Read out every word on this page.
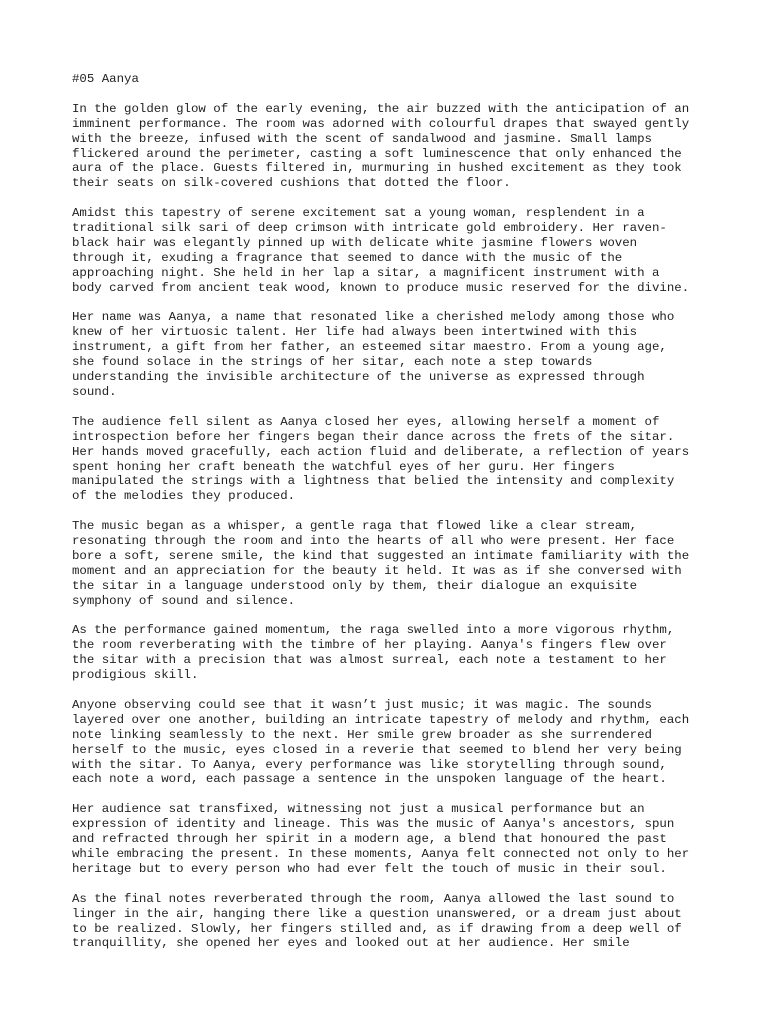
#05 Aanya
In the golden glow of the early evening, the air buzzed with the anticipation of an
imminent performance. The room was adorned with colourful drapes that swayed gently
with the breeze, infused with the scent of sandalwood and jasmine. Small lamps
flickered around the perimeter, casting a soft luminescence that only enhanced the
aura of the place. Guests filtered in, murmuring in hushed excitement as they took
their seats on silk-covered cushions that dotted the floor.
Amidst this tapestry of serene excitement sat a young woman, resplendent in a
traditional silk sari of deep crimson with intricate gold embroidery. Her raven-
black hair was elegantly pinned up with delicate white jasmine flowers woven
through it, exuding a fragrance that seemed to dance with the music of the
approaching night. She held in her lap a sitar, a magnificent instrument with a
body carved from ancient teak wood, known to produce music reserved for the divine.
Her name was Aanya, a name that resonated like a cherished melody among those who
knew of her virtuosic talent. Her life had always been intertwined with this
instrument, a gift from her father, an esteemed sitar maestro. From a young age,
she found solace in the strings of her sitar, each note a step towards
understanding the invisible architecture of the universe as expressed through
sound.
The audience fell silent as Aanya closed her eyes, allowing herself a moment of
introspection before her fingers began their dance across the frets of the sitar.
Her hands moved gracefully, each action fluid and deliberate, a reflection of years
spent honing her craft beneath the watchful eyes of her guru. Her fingers
manipulated the strings with a lightness that belied the intensity and complexity
of the melodies they produced.
The music began as a whisper, a gentle raga that flowed like a clear stream,
resonating through the room and into the hearts of all who were present. Her face
bore a soft, serene smile, the kind that suggested an intimate familiarity with the
moment and an appreciation for the beauty it held. It was as if she conversed with
the sitar in a language understood only by them, their dialogue an exquisite
symphony of sound and silence.
As the performance gained momentum, the raga swelled into a more vigorous rhythm,
the room reverberating with the timbre of her playing. Aanya's fingers flew over
the sitar with a precision that was almost surreal, each note a testament to her
prodigious skill.
Anyone observing could see that it wasn’t just music; it was magic. The sounds
layered over one another, building an intricate tapestry of melody and rhythm, each
note linking seamlessly to the next. Her smile grew broader as she surrendered
herself to the music, eyes closed in a reverie that seemed to blend her very being
with the sitar. To Aanya, every performance was like storytelling through sound,
each note a word, each passage a sentence in the unspoken language of the heart.
Her audience sat transfixed, witnessing not just a musical performance but an
expression of identity and lineage. This was the music of Aanya's ancestors, spun
and refracted through her spirit in a modern age, a blend that honoured the past
while embracing the present. In these moments, Aanya felt connected not only to her
heritage but to every person who had ever felt the touch of music in their soul.
As the final notes reverberated through the room, Aanya allowed the last sound to
linger in the air, hanging there like a question unanswered, or a dream just about
to be realized. Slowly, her fingers stilled and, as if drawing from a deep well of
tranquillity, she opened her eyes and looked out at her audience. Her smile
